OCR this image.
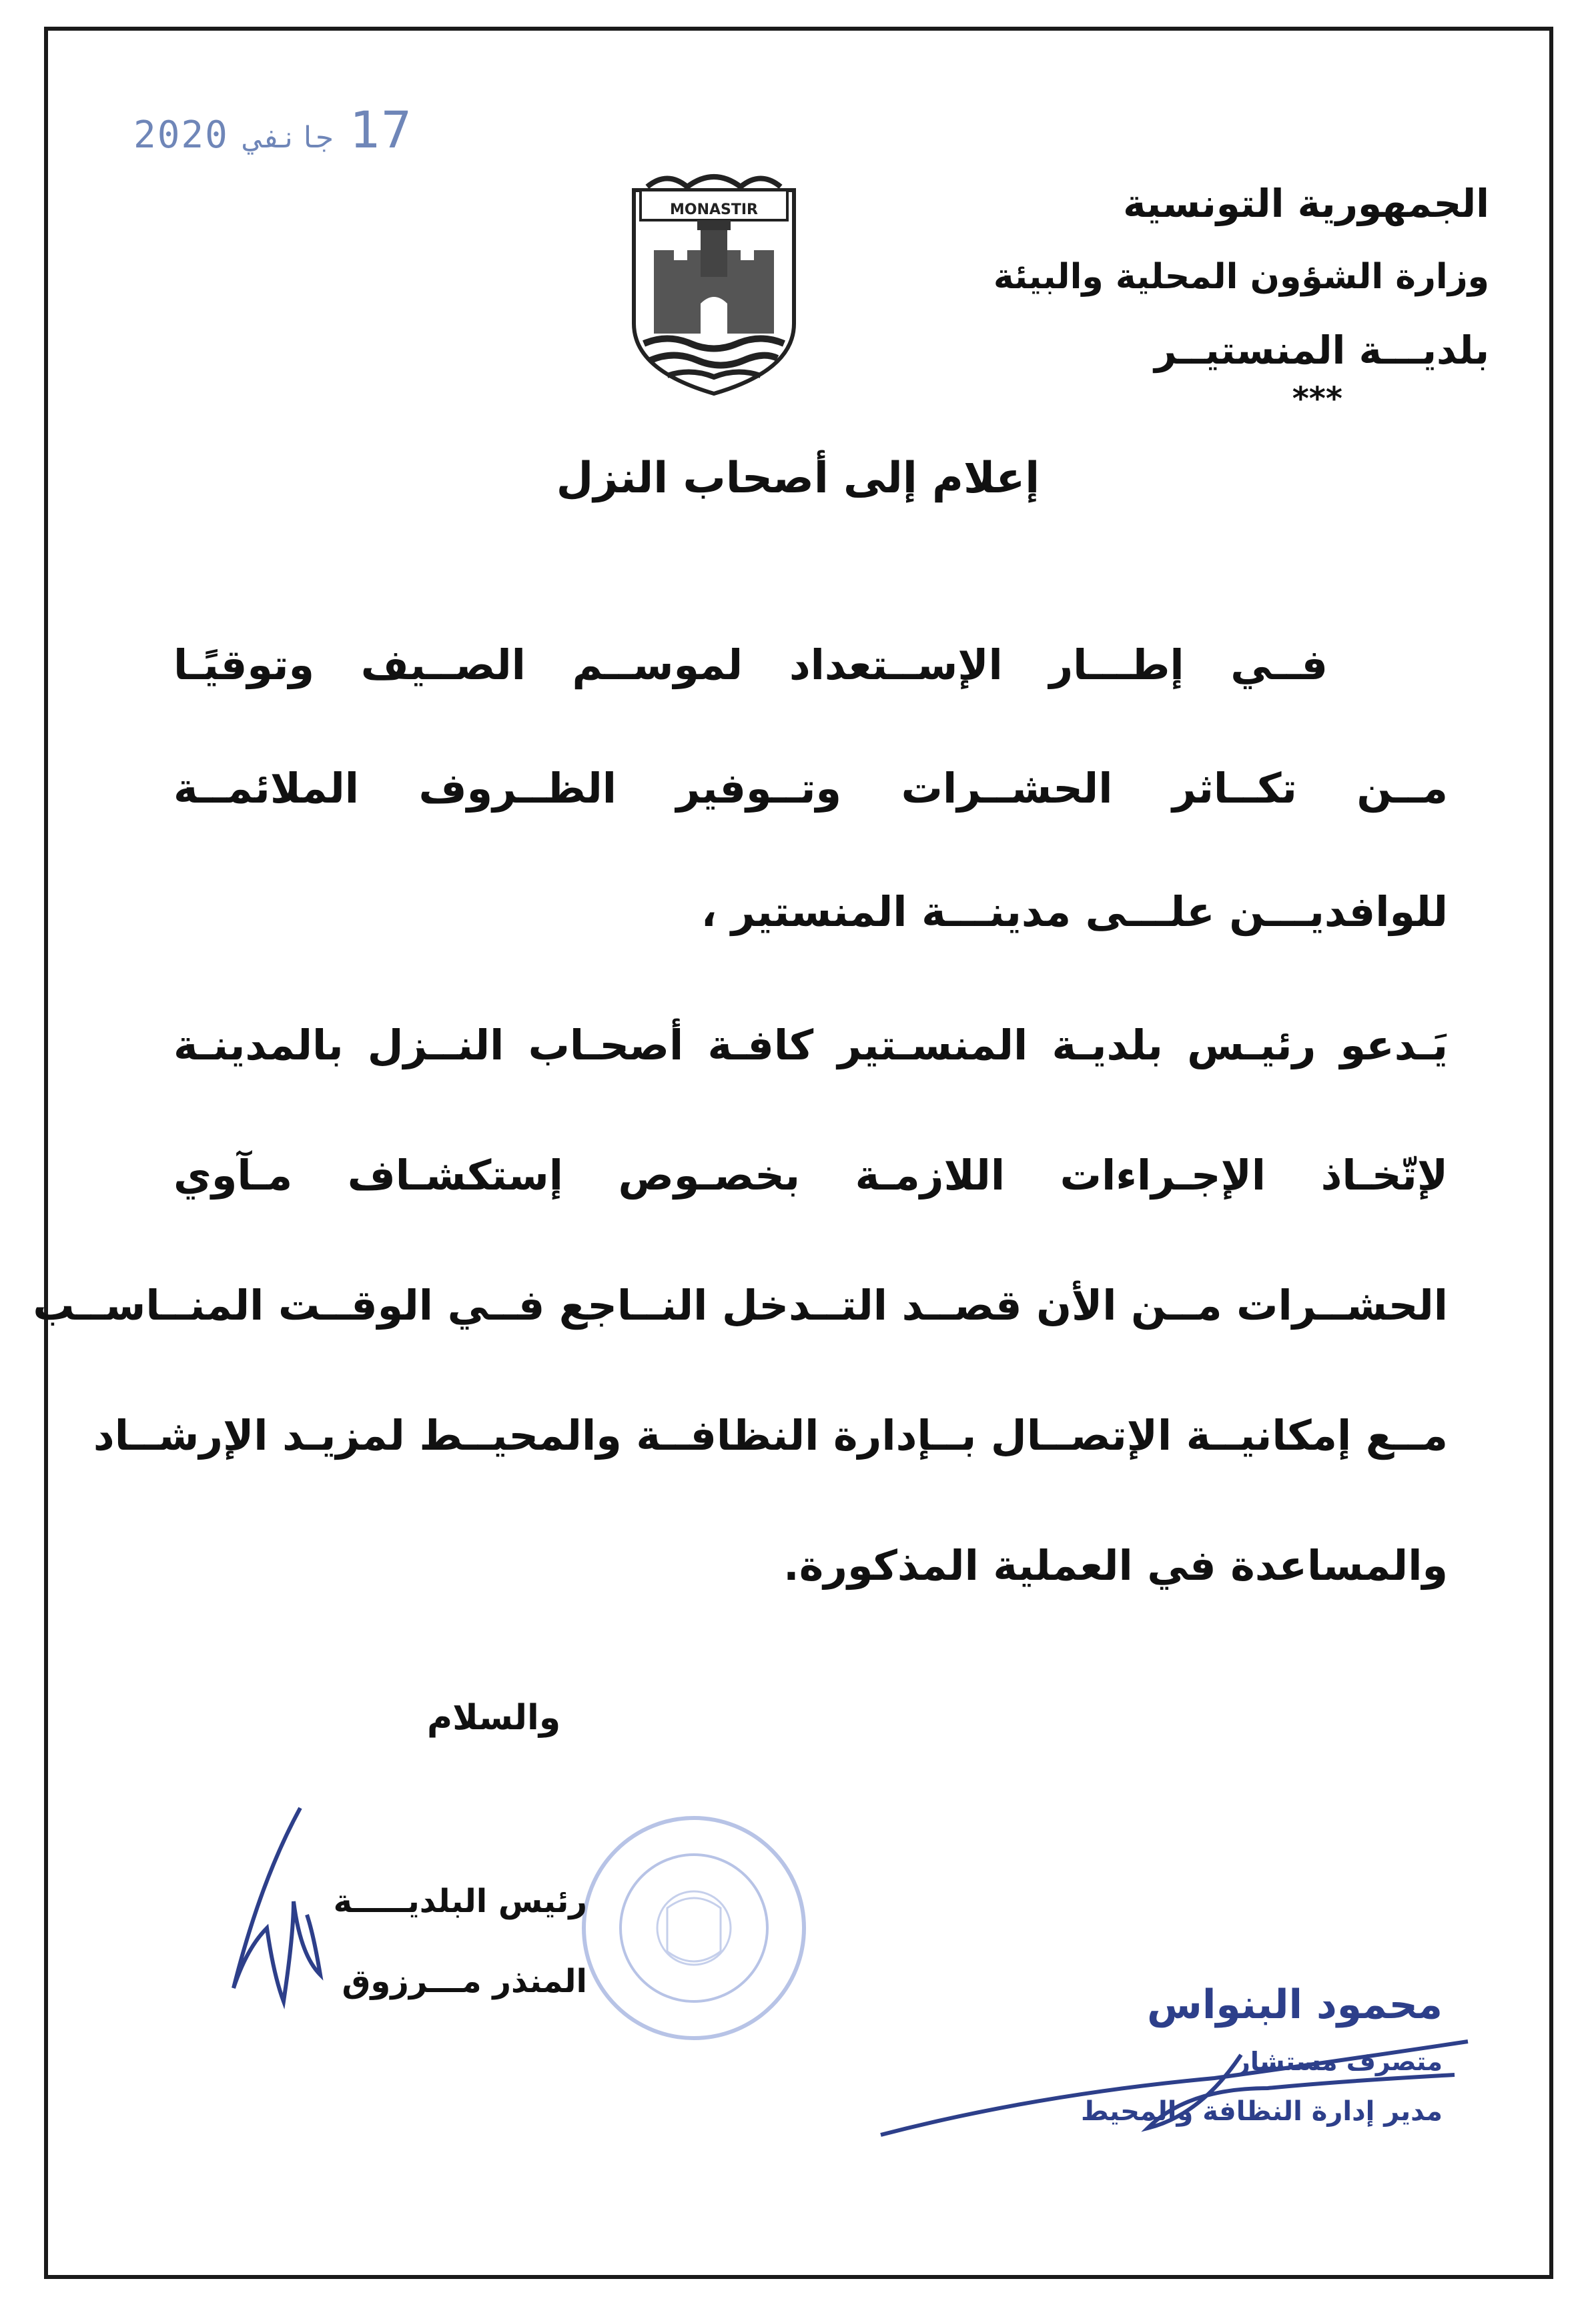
2020 جانفي 17
MONASTIR	الجمهورية التونسية
وزارة الشؤون المحلية والبيئة
بلديـــة المنستيــر
***
إعلام إلى أصحاب النزل
فــي إطـــار الإســتعداد لموســم الصــيف وتوقيًـا
مــن تكــاثر الحشــرات وتــوفير الظــروف الملائمــة
للوافديـــن علـــى مدينـــة المنستير ،
يَـدعو رئيـس بلديـة المنسـتير كافـة أصحـاب النــزل بالمدينـة
لإتّخـاذ الإجـراءات اللازمـة بخصـوص إستكشـاف مـآوي
الحشــرات مــن الأن قصــد التــدخل النــاجع فــي الوقــت المنــاســب
مــع إمكانيــة الإتصــال بــإدارة النظافــة والمحيــط لمزيـد الإرشــاد
والمساعدة في العملية المذكورة.
والسلام
رئيس البلديـــــة
المنذر مـــرزوق	محمود البنواس
متصرف مستشار
مدير إدارة النظافة والمحيط
